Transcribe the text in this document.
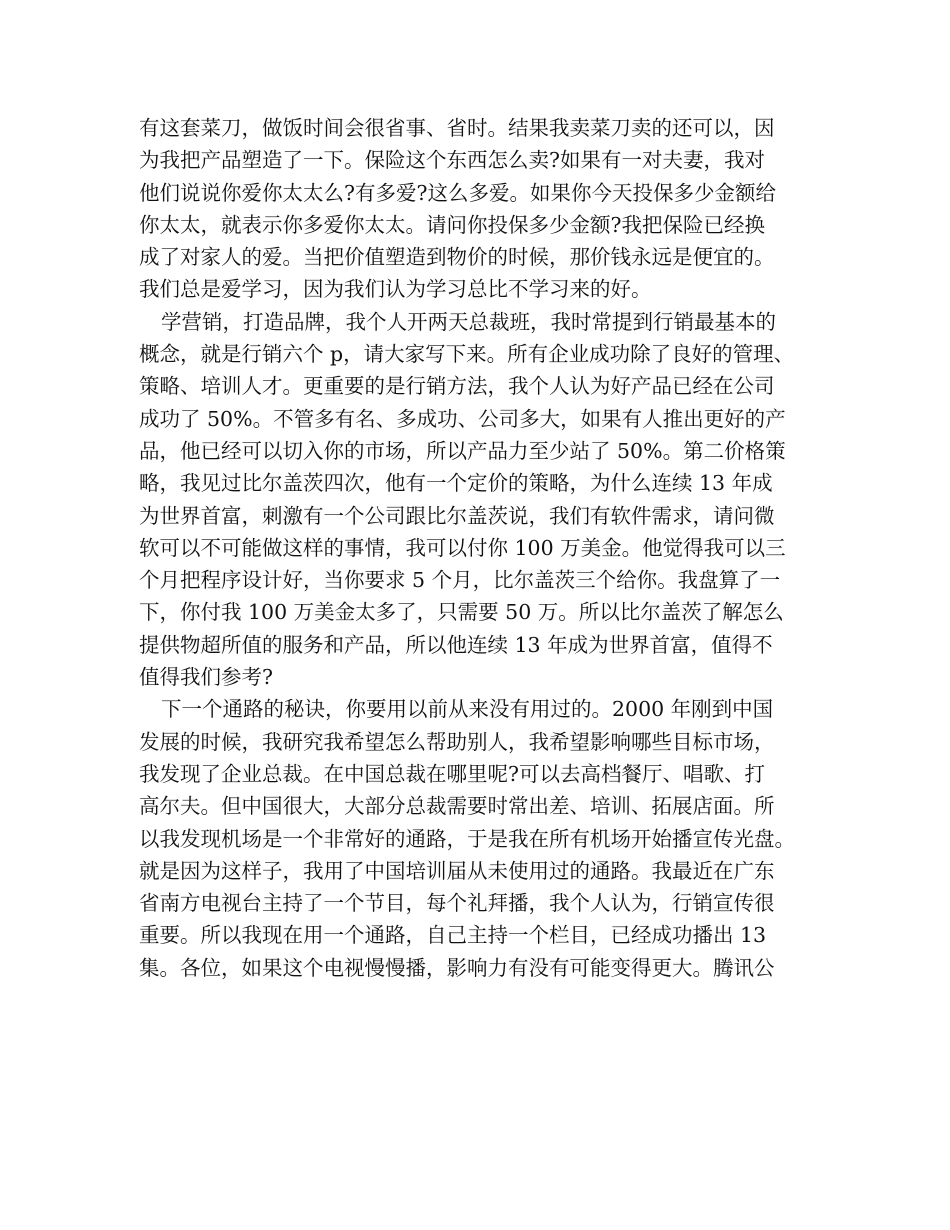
有这套菜刀，做饭时间会很省事、省时。结果我卖菜刀卖的还可以，因
为我把产品塑造了一下。保险这个东西怎么卖?如果有一对夫妻，我对
他们说说你爱你太太么?有多爱?这么多爱。如果你今天投保多少金额给
你太太，就表示你多爱你太太。请问你投保多少金额?我把保险已经换
成了对家人的爱。当把价值塑造到物价的时候，那价钱永远是便宜的。
我们总是爱学习，因为我们认为学习总比不学习来的好。
学营销，打造品牌，我个人开两天总裁班，我时常提到行销最基本的
概念，就是行销六个 p，请大家写下来。所有企业成功除了良好的管理、
策略、培训人才。更重要的是行销方法，我个人认为好产品已经在公司
成功了 50%。不管多有名、多成功、公司多大，如果有人推出更好的产
品，他已经可以切入你的市场，所以产品力至少站了 50%。第二价格策
略，我见过比尔盖茨四次，他有一个定价的策略，为什么连续 13 年成
为世界首富，刺激有一个公司跟比尔盖茨说，我们有软件需求，请问微
软可以不可能做这样的事情，我可以付你 100 万美金。他觉得我可以三
个月把程序设计好，当你要求 5 个月，比尔盖茨三个给你。我盘算了一
下，你付我 100 万美金太多了，只需要 50 万。所以比尔盖茨了解怎么
提供物超所值的服务和产品，所以他连续 13 年成为世界首富，值得不
值得我们参考?
下一个通路的秘诀，你要用以前从来没有用过的。2000 年刚到中国
发展的时候，我研究我希望怎么帮助别人，我希望影响哪些目标市场，
我发现了企业总裁。在中国总裁在哪里呢?可以去高档餐厅、唱歌、打
高尔夫。但中国很大，大部分总裁需要时常出差、培训、拓展店面。所
以我发现机场是一个非常好的通路，于是我在所有机场开始播宣传光盘。
就是因为这样子，我用了中国培训届从未使用过的通路。我最近在广东
省南方电视台主持了一个节目，每个礼拜播，我个人认为，行销宣传很
重要。所以我现在用一个通路，自己主持一个栏目，已经成功播出 13
集。各位，如果这个电视慢慢播，影响力有没有可能变得更大。腾讯公
